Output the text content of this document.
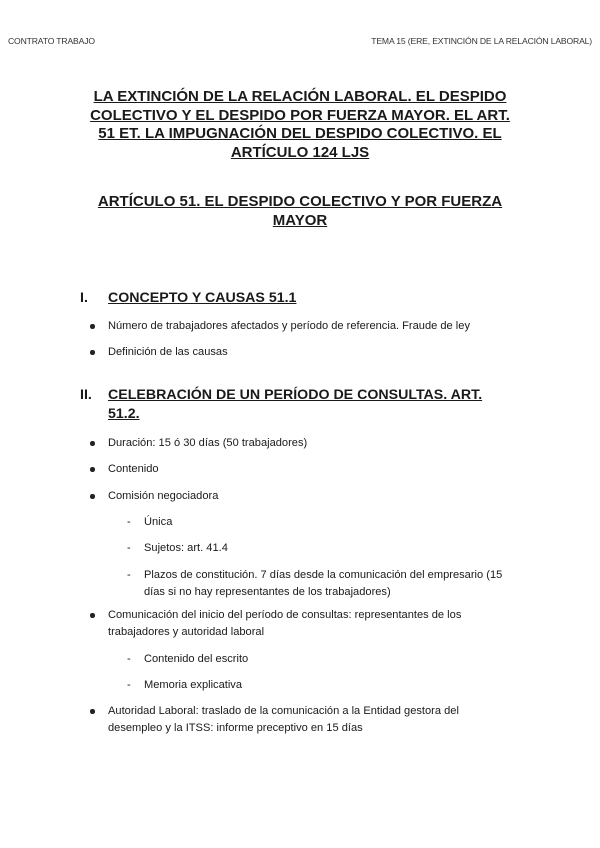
CONTRATO TRABAJO	TEMA 15 (ERE, EXTINCIÓN DE LA RELACIÓN LABORAL)
LA EXTINCIÓN DE LA RELACIÓN LABORAL. EL DESPIDO
COLECTIVO Y EL DESPIDO POR FUERZA MAYOR. EL ART.
51 ET. LA IMPUGNACIÓN DEL DESPIDO COLECTIVO. EL
ARTÍCULO 124 LJS
ARTÍCULO 51. EL DESPIDO COLECTIVO Y POR FUERZA
MAYOR
I. CONCEPTO Y CAUSAS 51.1
Número de trabajadores afectados y período de referencia. Fraude de ley
Definición de las causas
II. CELEBRACIÓN DE UN PERÍODO DE CONSULTAS. ART.
51.2.
Duración: 15 ó 30 días (50 trabajadores)
Contenido
Comisión negociadora
- Única
- Sujetos: art. 41.4
- Plazos de constitución. 7 días desde la comunicación del empresario (15 días si no hay representantes de los trabajadores)
Comunicación del inicio del período de consultas: representantes de los trabajadores y autoridad laboral
- Contenido del escrito
- Memoria explicativa
Autoridad Laboral: traslado de la comunicación a la Entidad gestora del desempleo y la ITSS: informe preceptivo en 15 días
